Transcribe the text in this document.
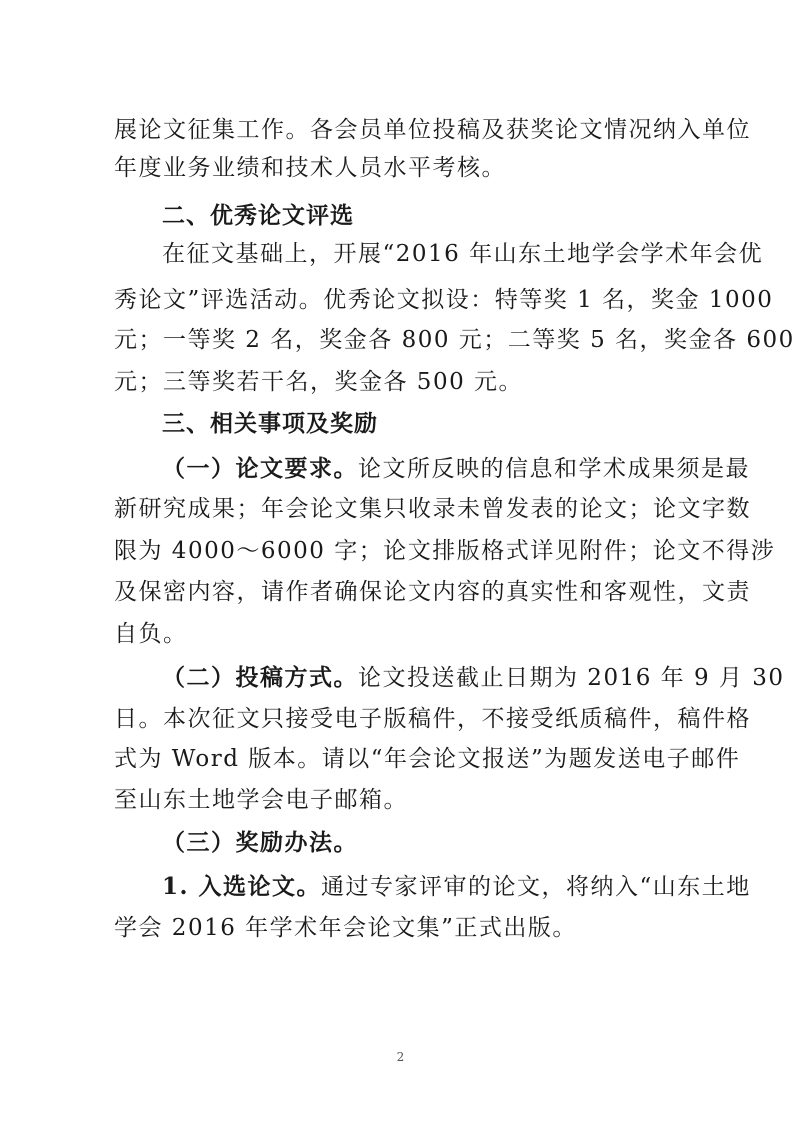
展论文征集工作。各会员单位投稿及获奖论文情况纳入单位
年度业务业绩和技术人员水平考核。
二、优秀论文评选
在征文基础上，开展“2016 年山东土地学会学术年会优
秀论文”评选活动。优秀论文拟设：特等奖 1 名，奖金 1000
元；一等奖 2 名，奖金各 800 元；二等奖 5 名，奖金各 600
元；三等奖若干名，奖金各 500 元。
三、相关事项及奖励
（一）论文要求。论文所反映的信息和学术成果须是最
新研究成果；年会论文集只收录未曾发表的论文；论文字数
限为 4000～6000 字；论文排版格式详见附件；论文不得涉
及保密内容，请作者确保论文内容的真实性和客观性，文责
自负。
（二）投稿方式。论文投送截止日期为 2016 年 9 月 30
日。本次征文只接受电子版稿件，不接受纸质稿件，稿件格
式为 Word 版本。请以“年会论文报送”为题发送电子邮件
至山东土地学会电子邮箱。
（三）奖励办法。
1. 入选论文。通过专家评审的论文，将纳入“山东土地
学会 2016 年学术年会论文集”正式出版。
2
